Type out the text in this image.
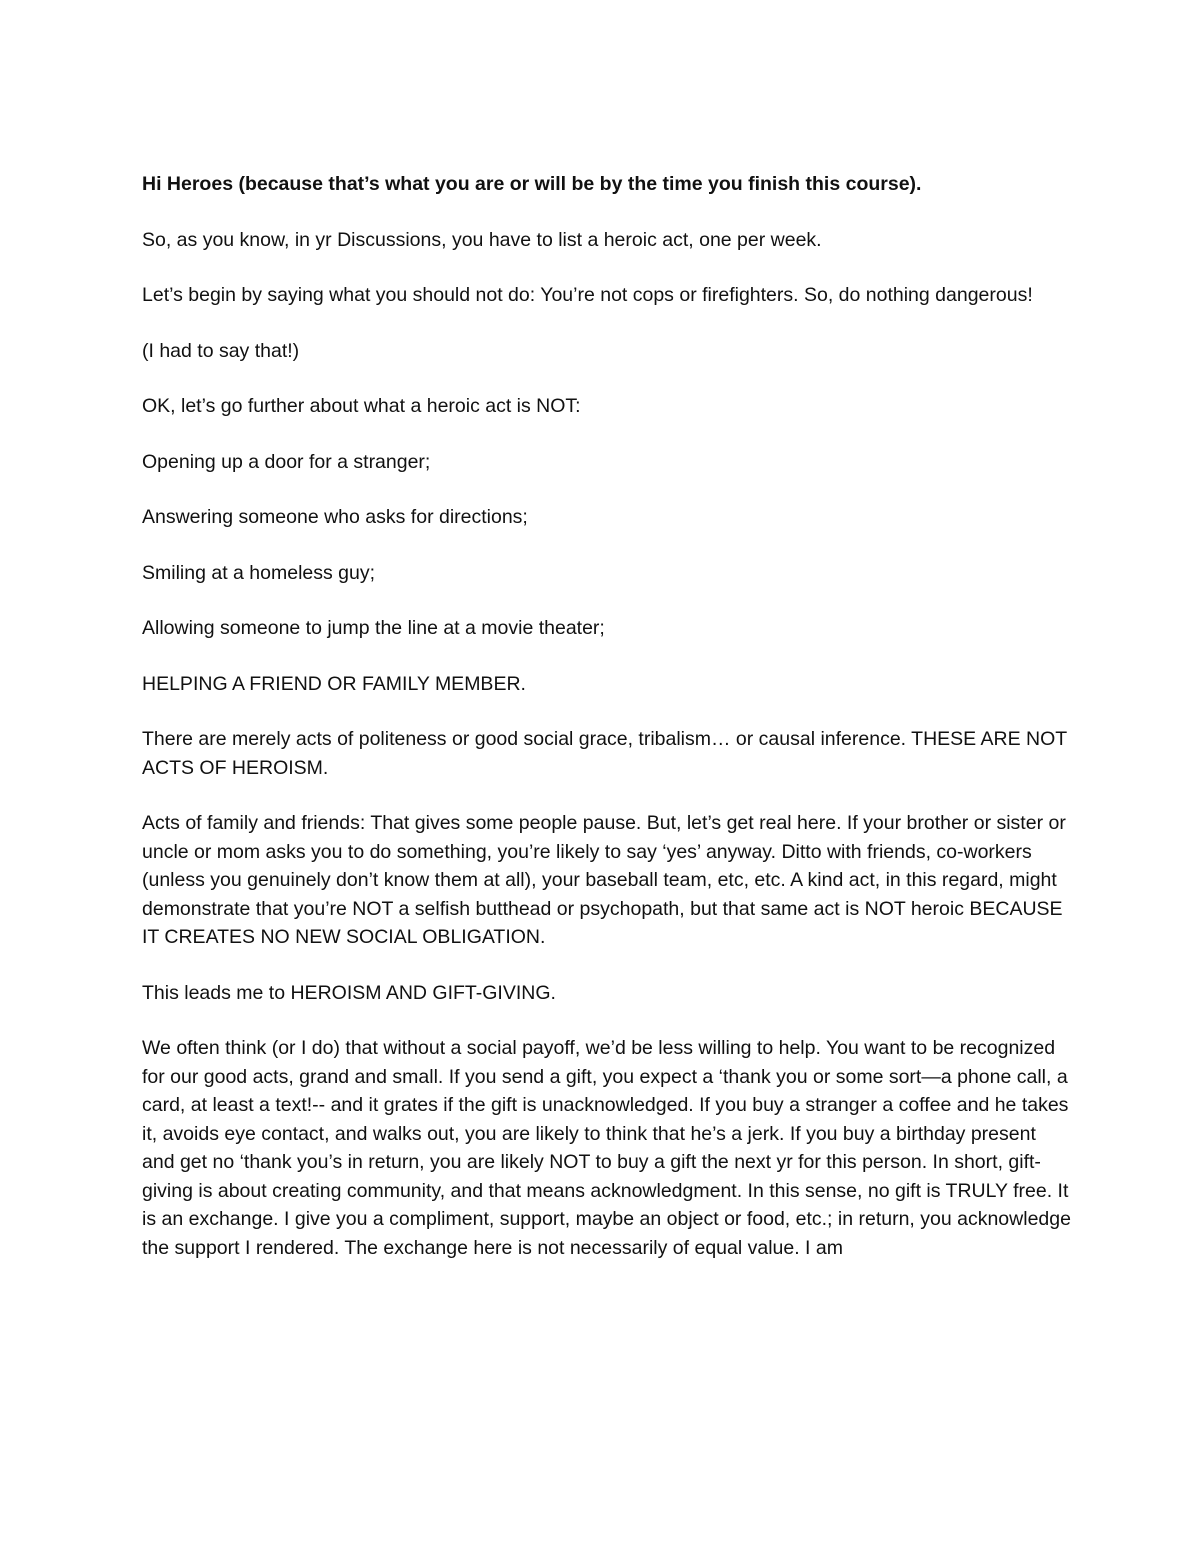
Hi Heroes (because that’s what you are or will be by the time you finish this course).

So, as you know, in yr Discussions, you have to list a heroic act, one per week.

Let’s begin by saying what you should not do: You’re not cops or firefighters. So, do nothing dangerous!

(I had to say that!)

OK, let’s go further about what a heroic act is NOT:

Opening up a door for a stranger;

Answering someone who asks for directions;

Smiling at a homeless guy;

Allowing someone to jump the line at a movie theater;

HELPING A FRIEND OR FAMILY MEMBER.

There are merely acts of politeness or good social grace, tribalism… or causal inference. THESE ARE NOT ACTS OF HEROISM.

Acts of family and friends: That gives some people pause. But, let’s get real here. If your brother or sister or uncle or mom asks you to do something, you’re likely to say ‘yes’ anyway. Ditto with friends, co-workers (unless you genuinely don’t know them at all), your baseball team, etc, etc. A kind act, in this regard, might demonstrate that you’re NOT a selfish butthead or psychopath, but that same act is NOT heroic BECAUSE IT CREATES NO NEW SOCIAL OBLIGATION.

This leads me to HEROISM AND GIFT-GIVING.

We often think (or I do) that without a social payoff, we’d be less willing to help. You want to be recognized for our good acts, grand and small. If you send a gift, you expect a ‘thank you or some sort—a phone call, a card, at least a text!-- and it grates if the gift is unacknowledged. If you buy a stranger a coffee and he takes it, avoids eye contact, and walks out, you are likely to think that he’s a jerk. If you buy a birthday present and get no ‘thank you’s in return, you are likely NOT to buy a gift the next yr for this person. In short, gift-giving is about creating community, and that means acknowledgment. In this sense, no gift is TRULY free. It is an exchange. I give you a compliment, support, maybe an object or food, etc.; in return, you acknowledge the support I rendered. The exchange here is not necessarily of equal value. I am
